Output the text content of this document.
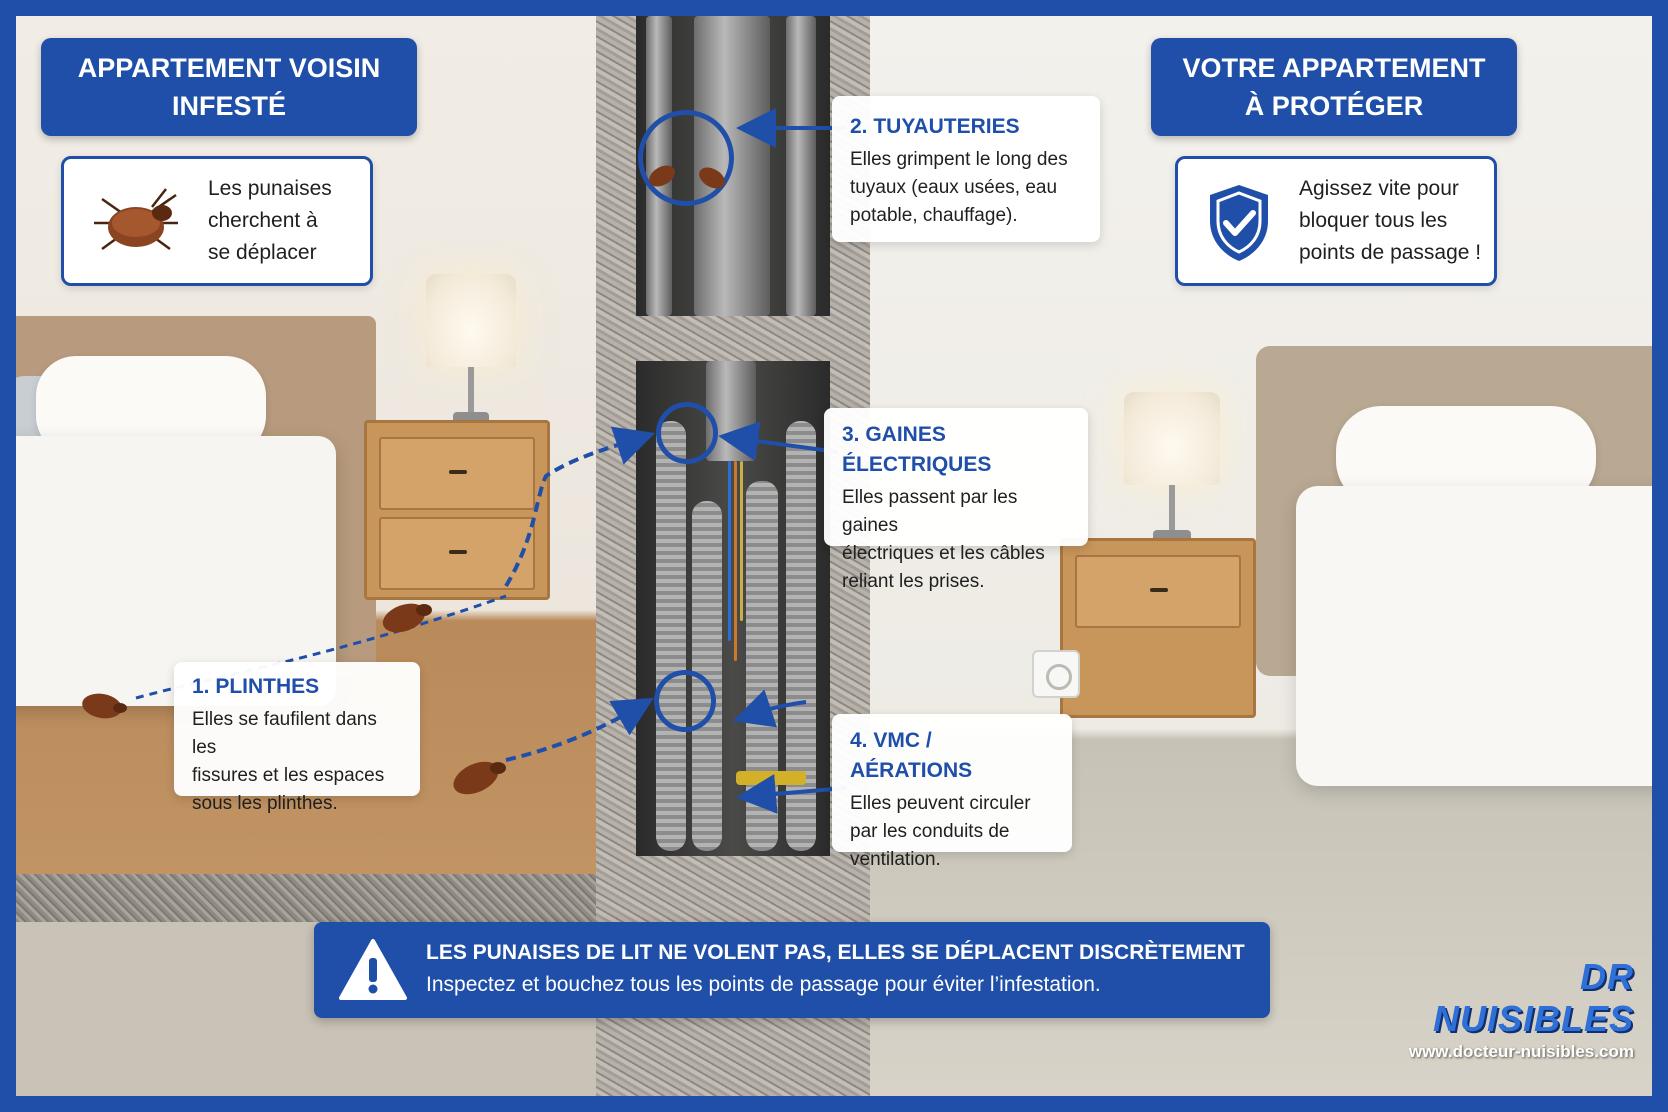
APPARTEMENT VOISIN
INFESTÉ
VOTRE APPARTEMENT
À PROTÉGER
Les punaises
cherchent à
se déplacer
Agissez vite pour
bloquer tous les
points de passage !
2. TUYAUTERIES
Elles grimpent le long des
tuyaux (eaux usées, eau
potable, chauffage).
3. GAINES ÉLECTRIQUES
Elles passent par les gaines
électriques et les câbles
reliant les prises.
1. PLINTHES
Elles se faufilent dans les
fissures et les espaces
sous les plinthes.
4. VMC / AÉRATIONS
Elles peuvent circuler
par les conduits de
ventilation.
LES PUNAISES DE LIT NE VOLENT PAS, ELLES SE DÉPLACENT DISCRÈTEMENT
Inspectez et bouchez tous les points de passage pour éviter l’infestation.	DR NUISIBLES
www.docteur-nuisibles.com
